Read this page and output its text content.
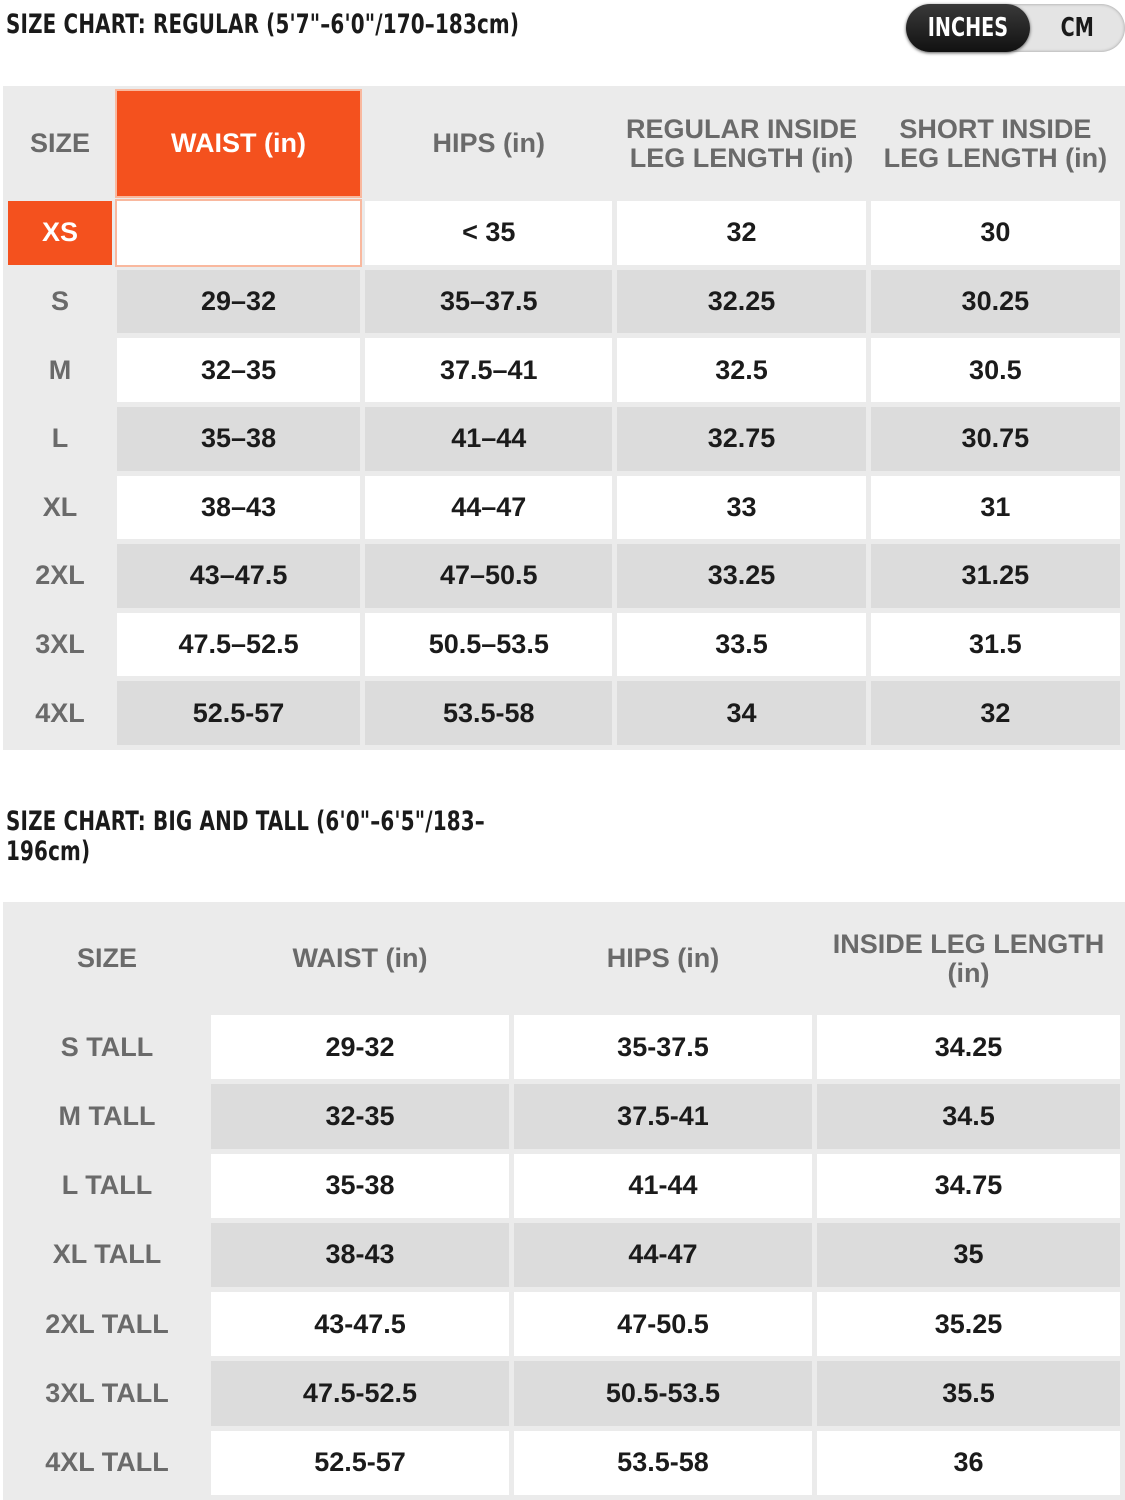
SIZE CHART: REGULAR (5'7"–6'0"/170–183cm)	INCHES CM
SIZE	WAIST (in)	HIPS (in)	REGULAR INSIDE LEG LENGTH (in)	SHORT INSIDE LEG LENGTH (in)
XS	< 29	< 35	32	30
S	29–32	35–37.5	32.25	30.25
M	32–35	37.5–41	32.5	30.5
L	35–38	41–44	32.75	30.75
XL	38–43	44–47	33	31
2XL	43–47.5	47–50.5	33.25	31.25
3XL	47.5–52.5	50.5–53.5	33.5	31.5
4XL	52.5-57	53.5-58	34	32
SIZE CHART: BIG AND TALL (6'0"–6'5"/183–196cm)
SIZE	WAIST (in)	HIPS (in)	INSIDE LEG LENGTH (in)
S TALL	29-32	35-37.5	34.25
M TALL	32-35	37.5-41	34.5
L TALL	35-38	41-44	34.75
XL TALL	38-43	44-47	35
2XL TALL	43-47.5	47-50.5	35.25
3XL TALL	47.5-52.5	50.5-53.5	35.5
4XL TALL	52.5-57	53.5-58	36
